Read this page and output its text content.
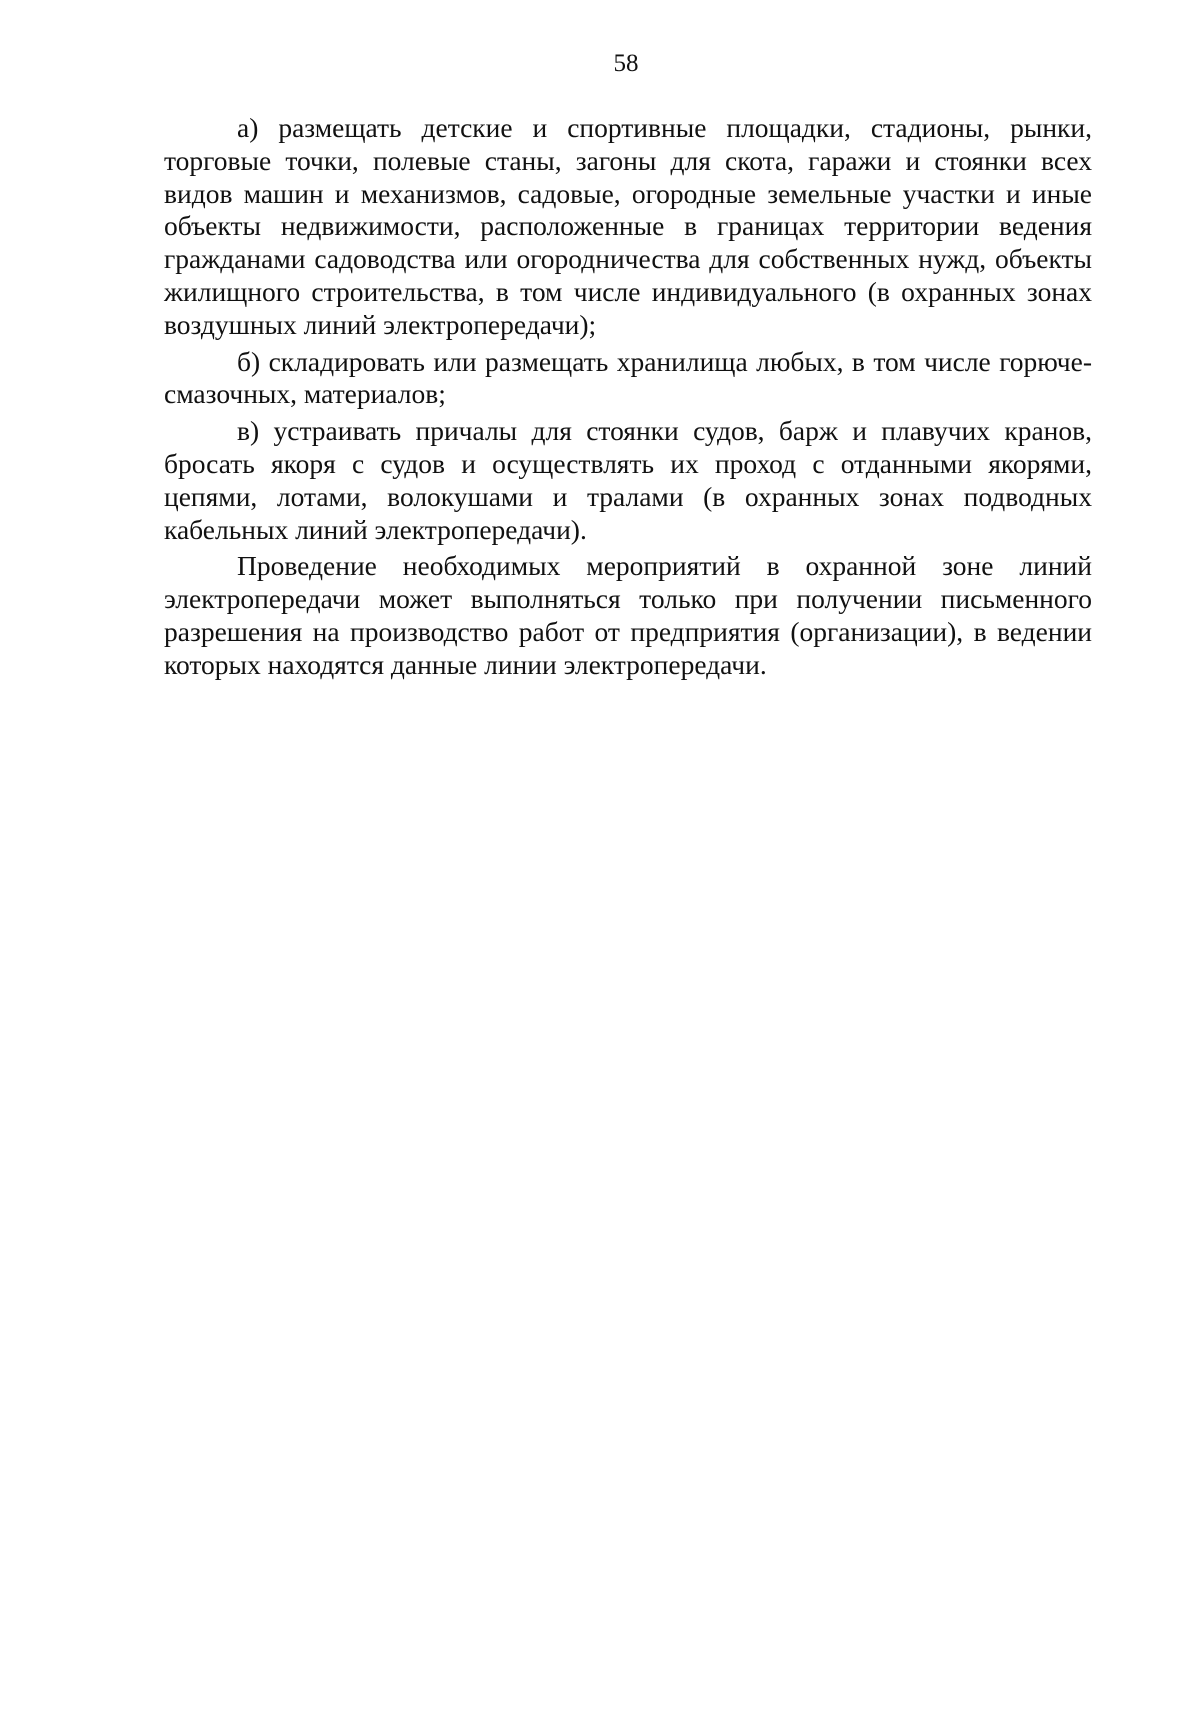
58

а) размещать детские и спортивные площадки, стадионы, рынки, торговые точки, полевые станы, загоны для скота, гаражи и стоянки всех видов машин и механизмов, садовые, огородные земельные участки и иные объекты недвижимости, расположенные в границах территории ведения гражданами садоводства или огородничества для собственных нужд, объекты жилищного строительства, в том числе индивидуального (в охранных зонах воздушных линий электропередачи);

б) складировать или размещать хранилища любых, в том числе горюче-смазочных, материалов;

в) устраивать причалы для стоянки судов, барж и плавучих кранов, бросать якоря с судов и осуществлять их проход с отданными якорями, цепями, лотами, волокушами и тралами (в охранных зонах подводных кабельных линий электропередачи).

Проведение необходимых мероприятий в охранной зоне линий электропередачи может выполняться только при получении письменного разрешения на производство работ от предприятия (организации), в ведении которых находятся данные линии электропередачи.
